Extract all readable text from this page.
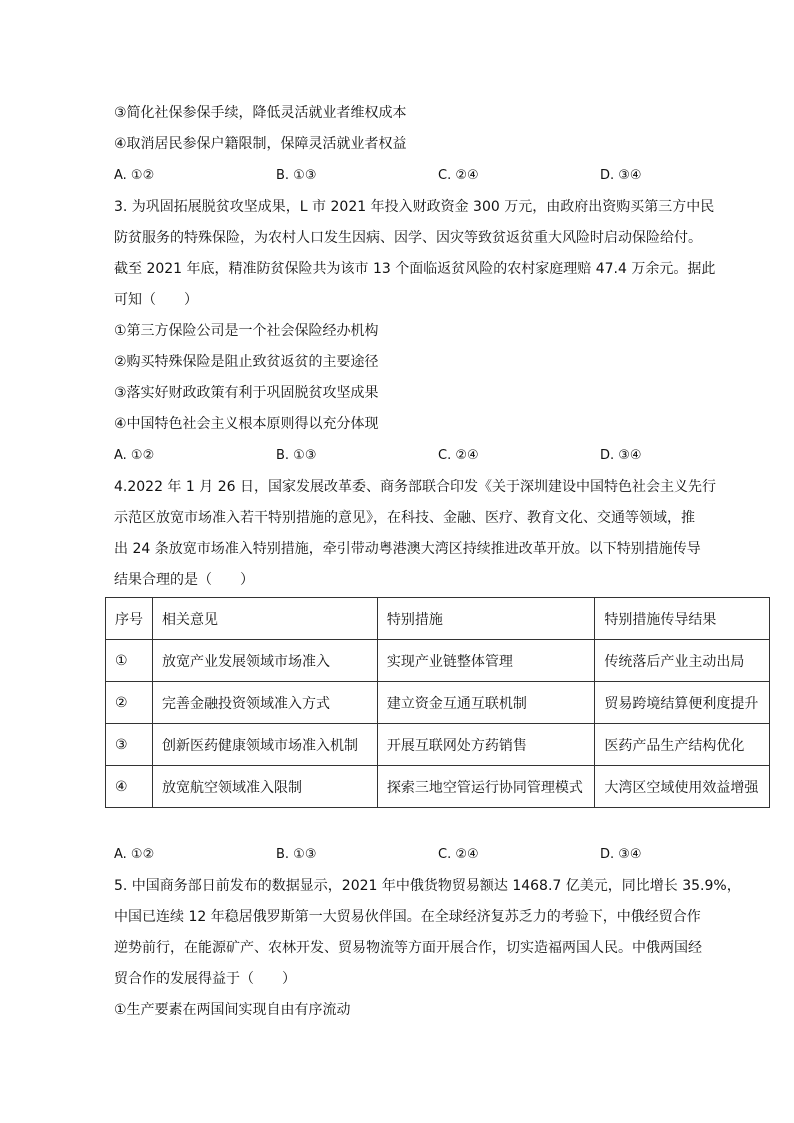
③简化社保参保手续，降低灵活就业者维权成本
④取消居民参保户籍限制，保障灵活就业者权益
A. ①②	B. ①③	C. ②④	D. ③④
3. 为巩固拓展脱贫攻坚成果，L 市 2021 年投入财政资金 300 万元，由政府出资购买第三方中民
防贫服务的特殊保险，为农村人口发生因病、因学、因灾等致贫返贫重大风险时启动保险给付。
截至 2021 年底，精准防贫保险共为该市 13 个面临返贫风险的农村家庭理赔 47.4 万余元。据此
可知（　　）
①第三方保险公司是一个社会保险经办机构
②购买特殊保险是阻止致贫返贫的主要途径
③落实好财政政策有利于巩固脱贫攻坚成果
④中国特色社会主义根本原则得以充分体现
A. ①②	B. ①③	C. ②④	D. ③④
4.2022 年 1 月 26 日，国家发展改革委、商务部联合印发《关于深圳建设中国特色社会主义先行
示范区放宽市场准入若干特别措施的意见》，在科技、金融、医疗、教育文化、交通等领域，推
出 24 条放宽市场准入特别措施，牵引带动粤港澳大湾区持续推进改革开放。以下特别措施传导
结果合理的是（　　）
序号	相关意见	特别措施	特别措施传导结果
①	放宽产业发展领域市场准入	实现产业链整体管理	传统落后产业主动出局
②	完善金融投资领域准入方式	建立资金互通互联机制	贸易跨境结算便利度提升
③	创新医药健康领域市场准入机制	开展互联网处方药销售	医药产品生产结构优化
④	放宽航空领域准入限制	探索三地空管运行协同管理模式	大湾区空域使用效益增强
A. ①②	B. ①③	C. ②④	D. ③④
5. 中国商务部日前发布的数据显示，2021 年中俄货物贸易额达 1468.7 亿美元，同比增长 35.9%，
中国已连续 12 年稳居俄罗斯第一大贸易伙伴国。在全球经济复苏乏力的考验下，中俄经贸合作
逆势前行，在能源矿产、农林开发、贸易物流等方面开展合作，切实造福两国人民。中俄两国经
贸合作的发展得益于（　　）
①生产要素在两国间实现自由有序流动
